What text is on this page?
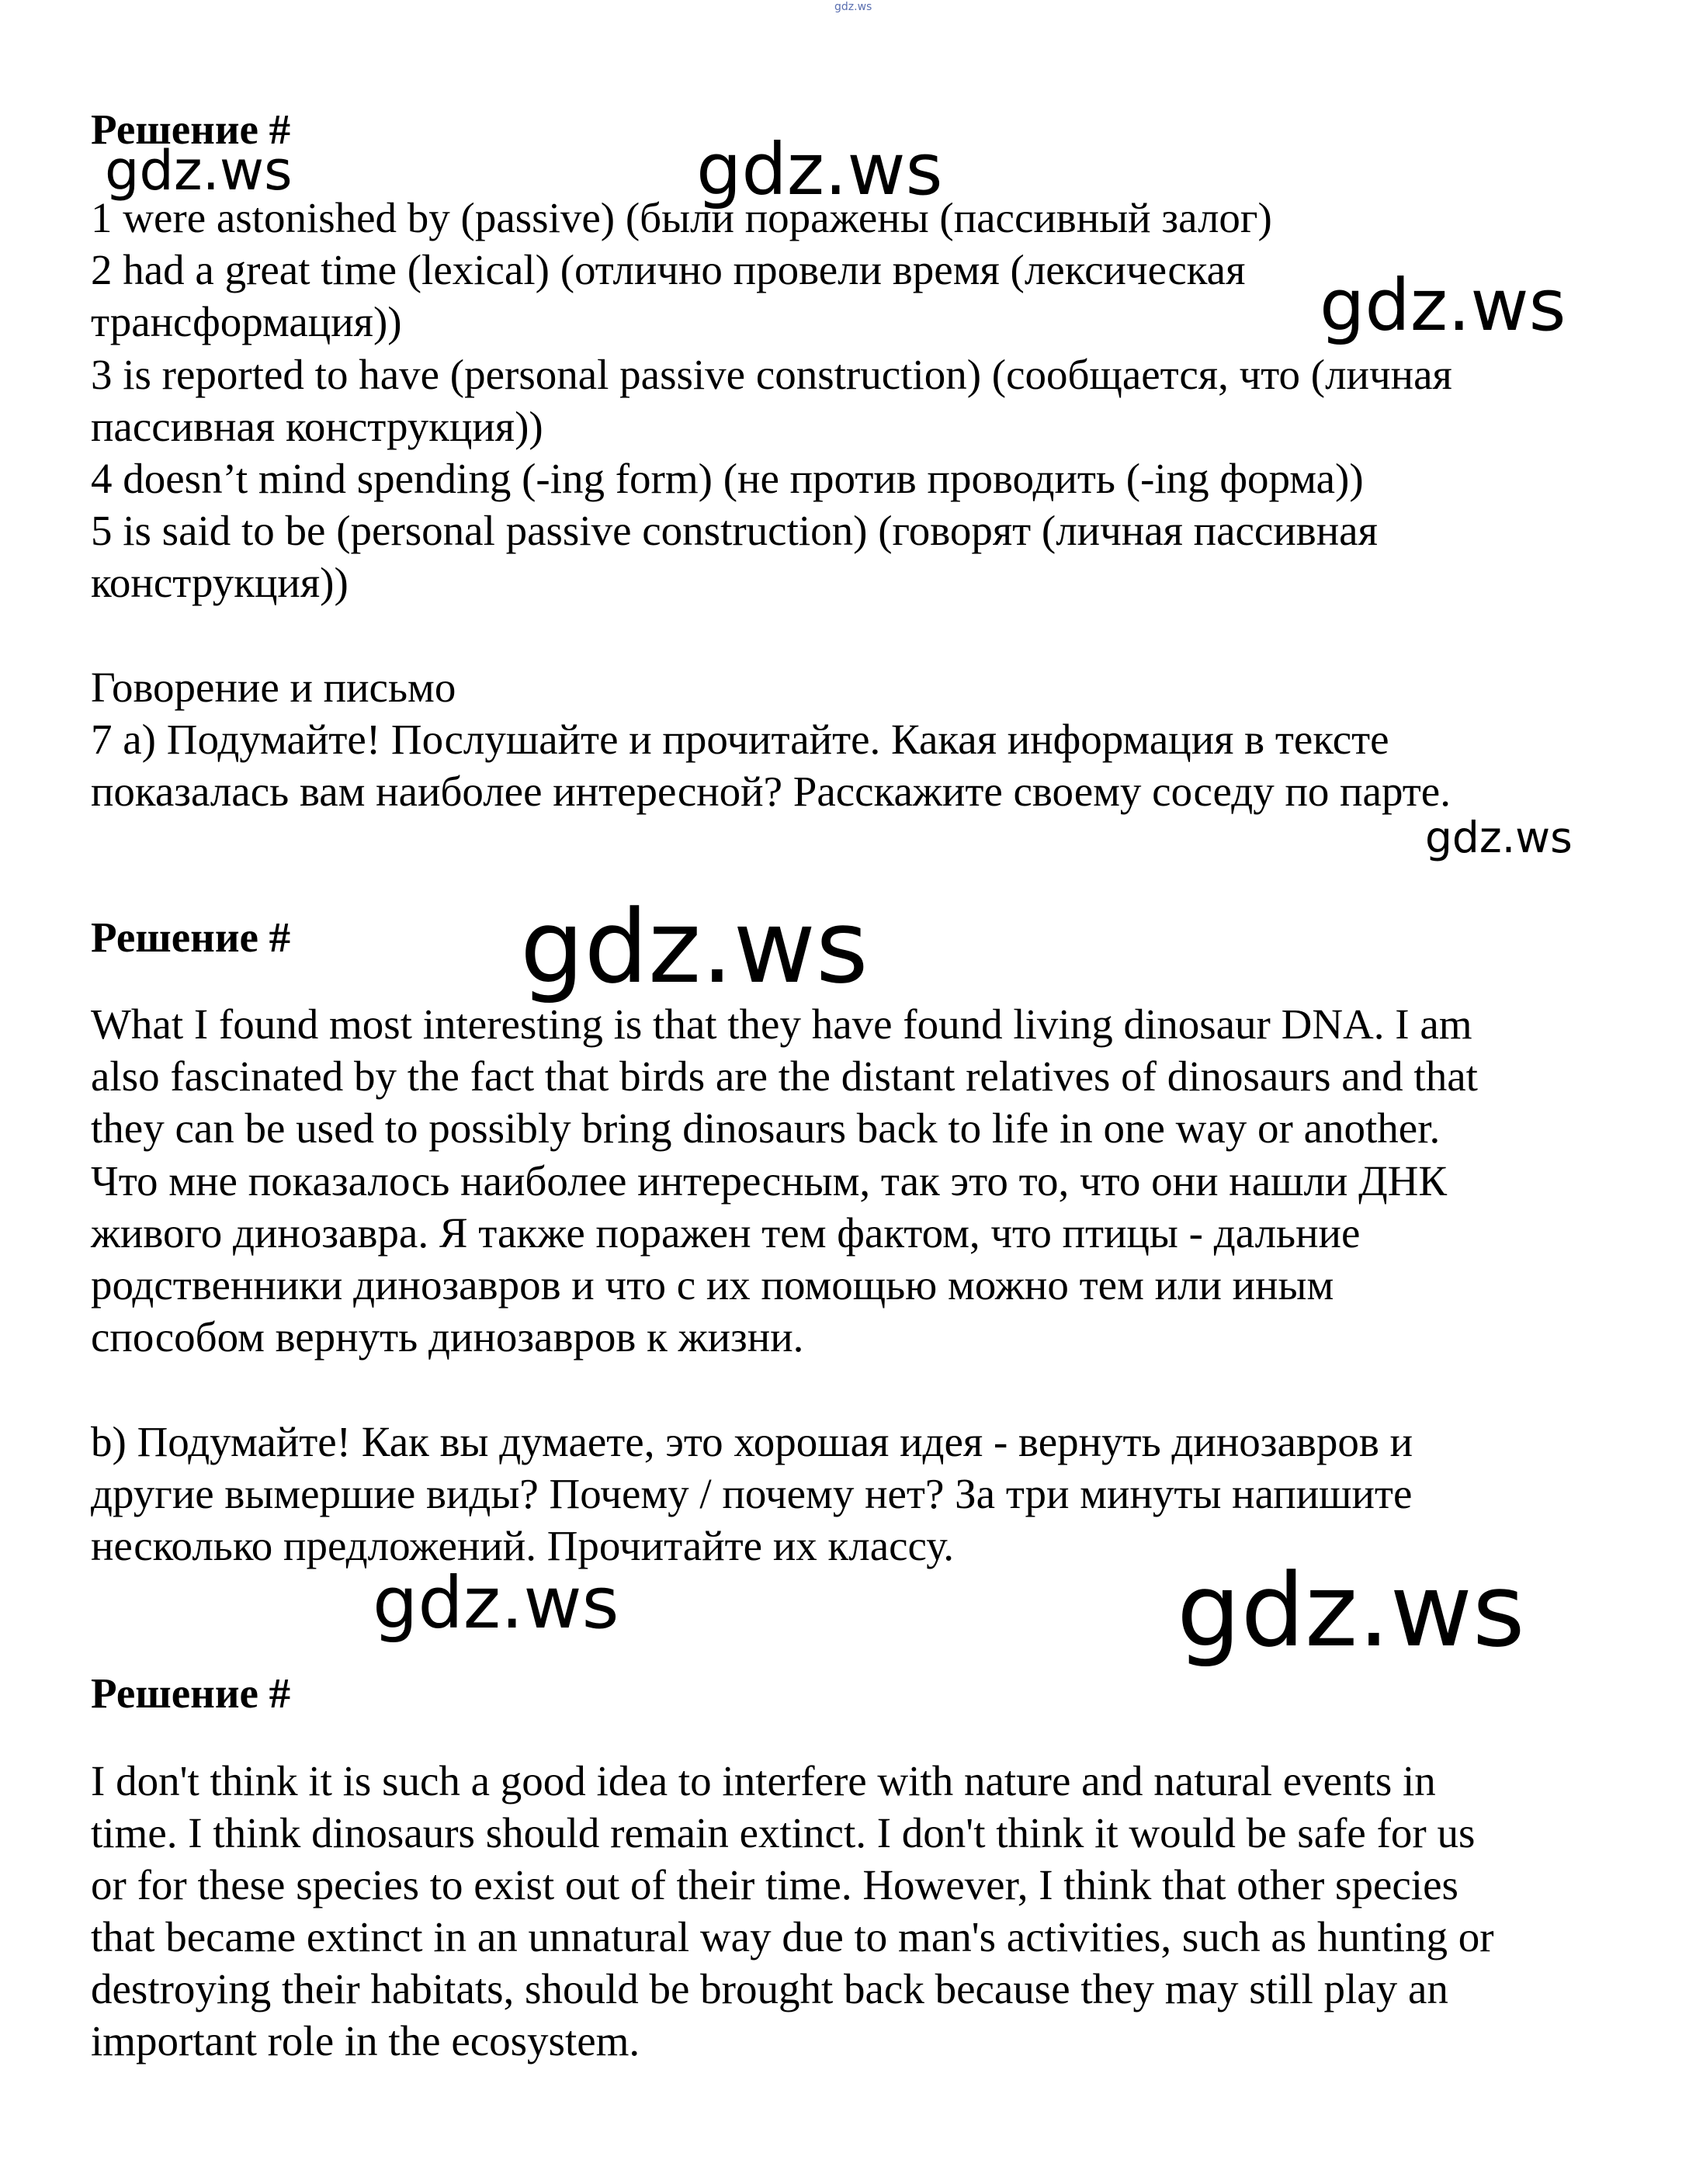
gdz.ws
Решение #
1 were astonished by (passive) (были поражены (пассивный залог)
2 had a great time (lexical) (отлично провели время (лексическая
трансформация))
3 is reported to have (personal passive construction) (сообщается, что (личная
пассивная конструкция))
4 doesn’t mind spending (-ing form) (не против проводить (-ing форма))
5 is said to be (personal passive construction) (говорят (личная пассивная
конструкция))
Говорение и письмо
7 a) Подумайте! Послушайте и прочитайте. Какая информация в тексте
показалась вам наиболее интересной? Расскажите своему соседу по парте.
Решение #
What I found most interesting is that they have found living dinosaur DNA. I am
also fascinated by the fact that birds are the distant relatives of dinosaurs and that
they can be used to possibly bring dinosaurs back to life in one way or another.
Что мне показалось наиболее интересным, так это то, что они нашли ДНК
живого динозавра. Я также поражен тем фактом, что птицы - дальние
родственники динозавров и что с их помощью можно тем или иным
способом вернуть динозавров к жизни.
b) Подумайте! Как вы думаете, это хорошая идея - вернуть динозавров и
другие вымершие виды? Почему / почему нет? За три минуты напишите
несколько предложений. Прочитайте их классу.
Решение #
I don't think it is such a good idea to interfere with nature and natural events in
time. I think dinosaurs should remain extinct. I don't think it would be safe for us
or for these species to exist out of their time. However, I think that other species
that became extinct in an unnatural way due to man's activities, such as hunting or
destroying their habitats, should be brought back because they may still play an
important role in the ecosystem.
gdz.ws	gdz.ws
gdz.ws
gdz.ws
gdz.ws
gdz.ws	gdz.ws
